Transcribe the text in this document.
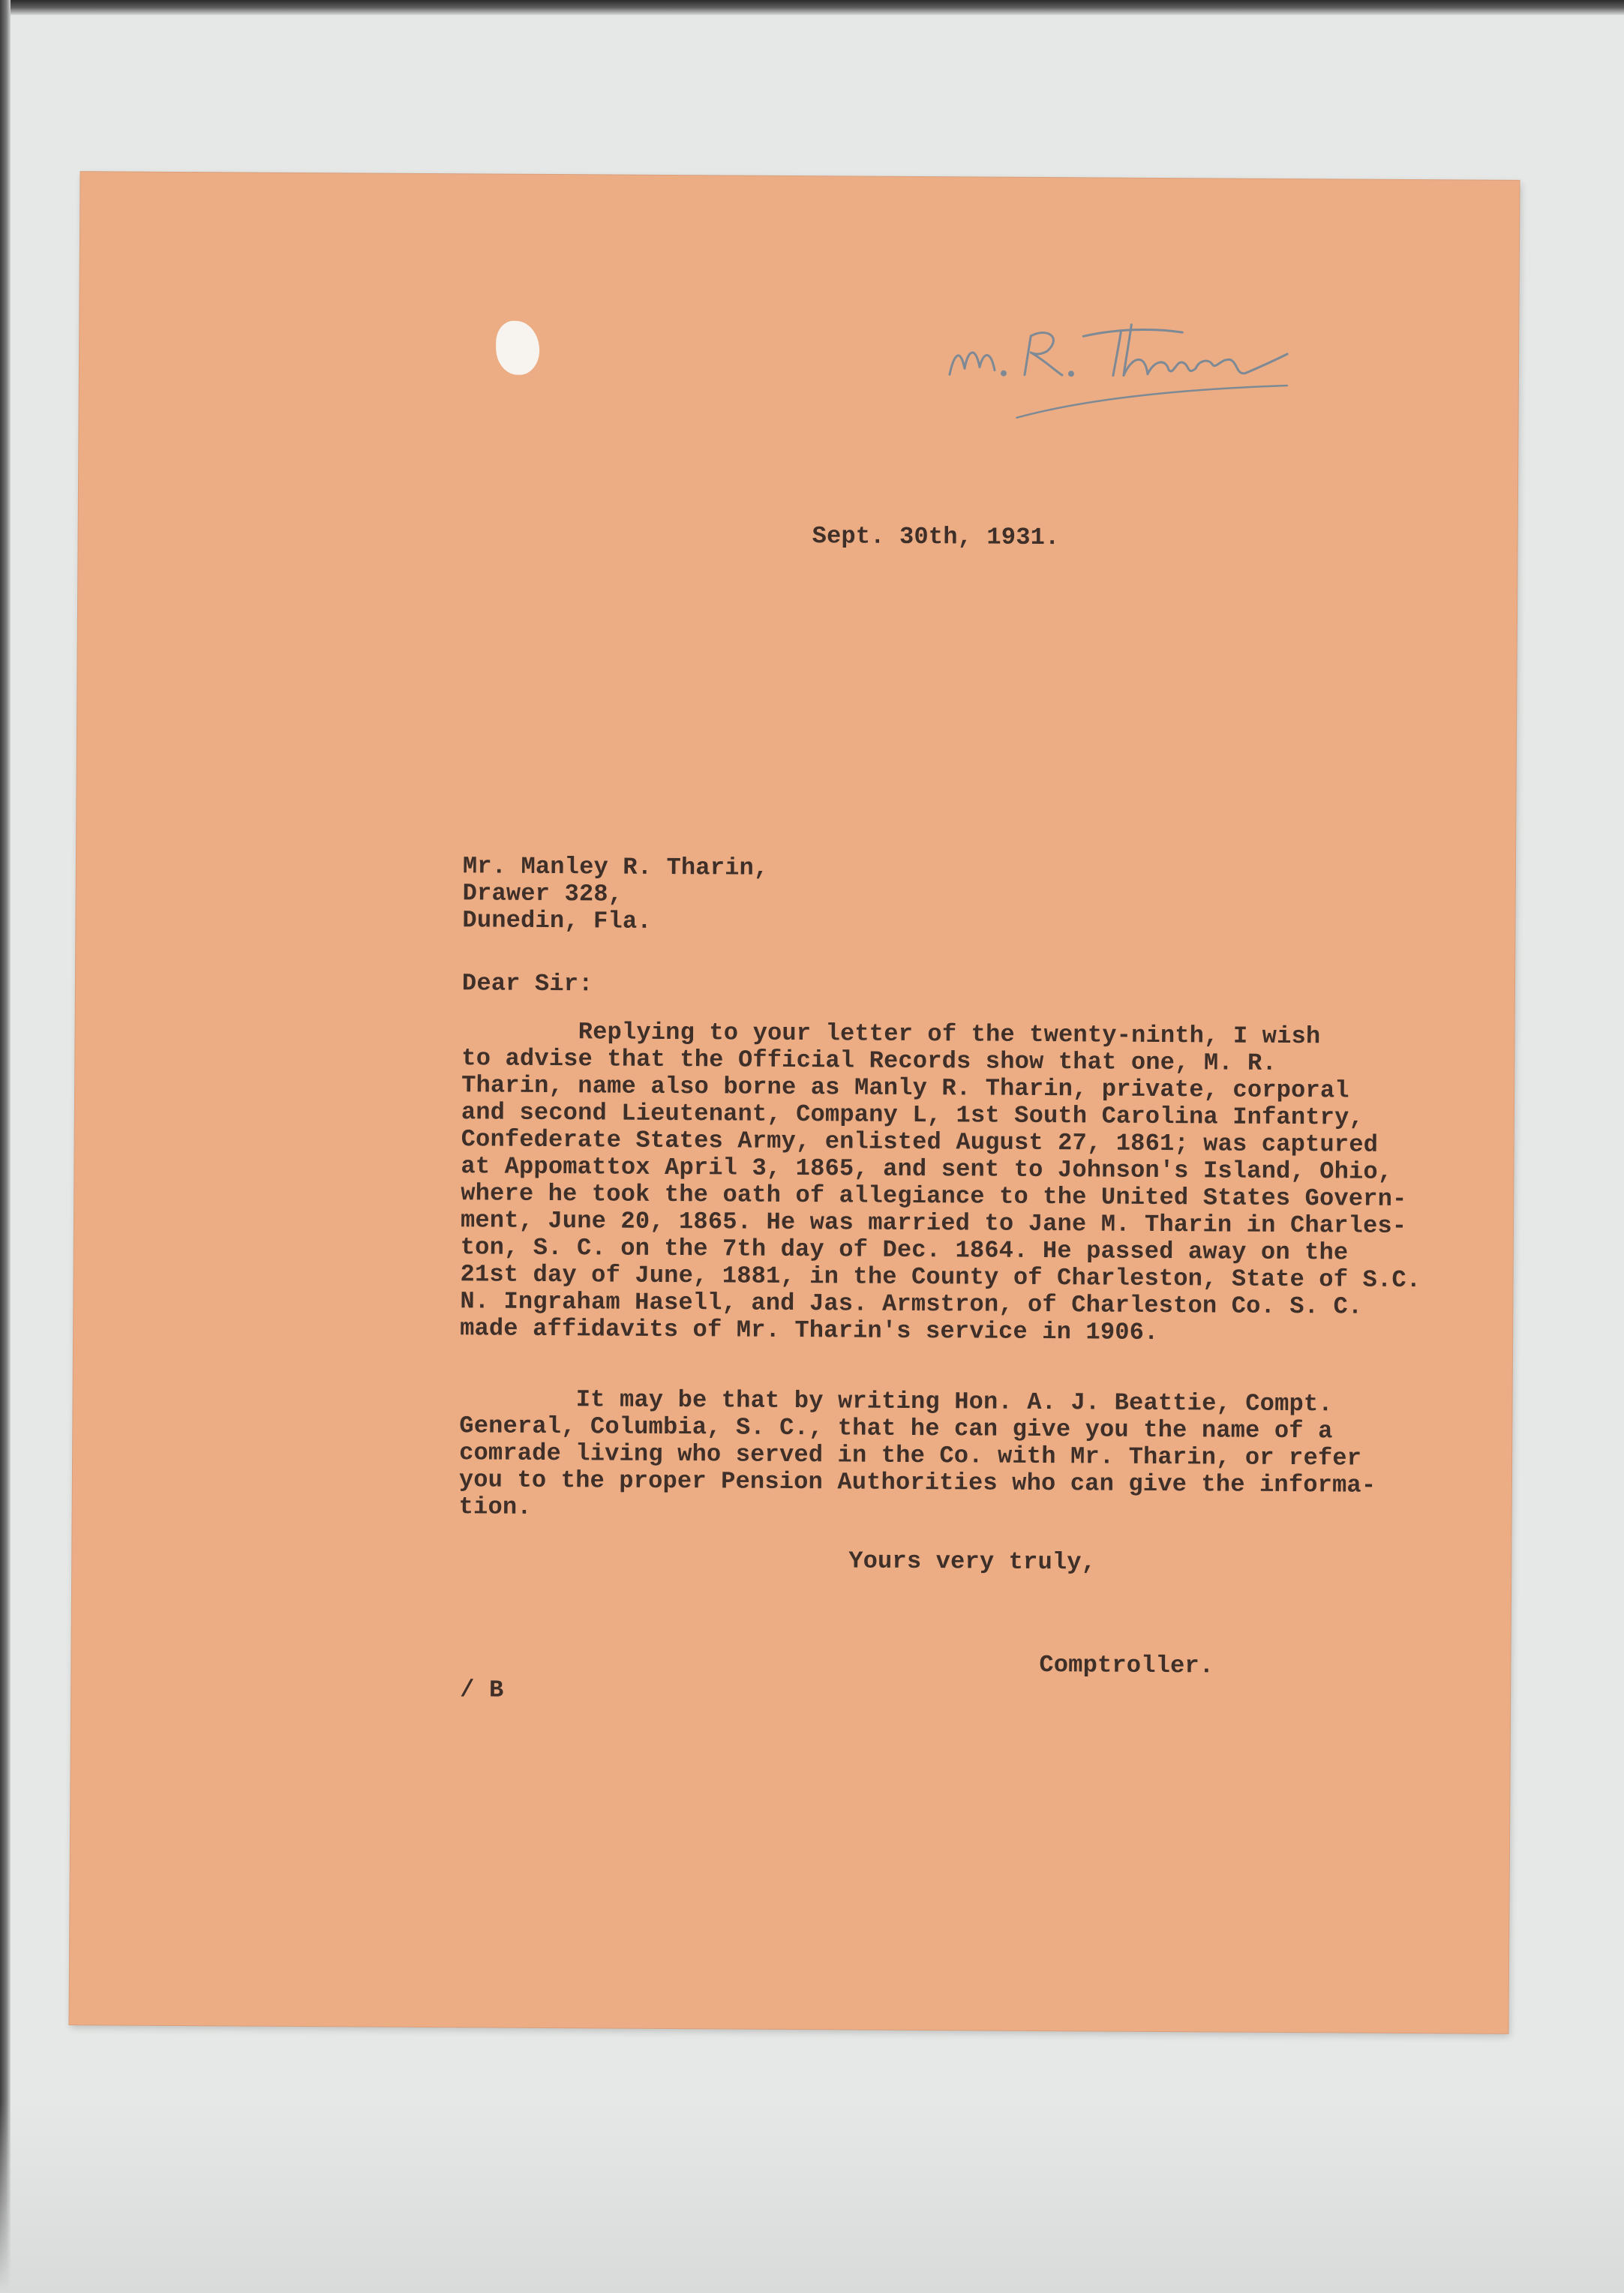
Sept. 30th, 1931.
Mr. Manley R. Tharin,
Drawer 328,
Dunedin, Fla.
Dear Sir:
Replying to your letter of the twenty-ninth, I wish
to advise that the Official Records show that one, M. R.
Tharin, name also borne as Manly R. Tharin, private, corporal
and second Lieutenant, Company L, 1st South Carolina Infantry,
Confederate States Army, enlisted August 27, 1861; was captured
at Appomattox April 3, 1865, and sent to Johnson's Island, Ohio,
where he took the oath of allegiance to the United States Govern-
ment, June 20, 1865. He was married to Jane M. Tharin in Charles-
ton, S. C. on the 7th day of Dec. 1864. He passed away on the
21st day of June, 1881, in the County of Charleston, State of S.C.
N. Ingraham Hasell, and Jas. Armstron, of Charleston Co. S. C.
made affidavits of Mr. Tharin's service in 1906.
It may be that by writing Hon. A. J. Beattie, Compt.
General, Columbia, S. C., that he can give you the name of a
comrade living who served in the Co. with Mr. Tharin, or refer
you to the proper Pension Authorities who can give the informa-
tion.
Yours very truly,
Comptroller.
/ B
